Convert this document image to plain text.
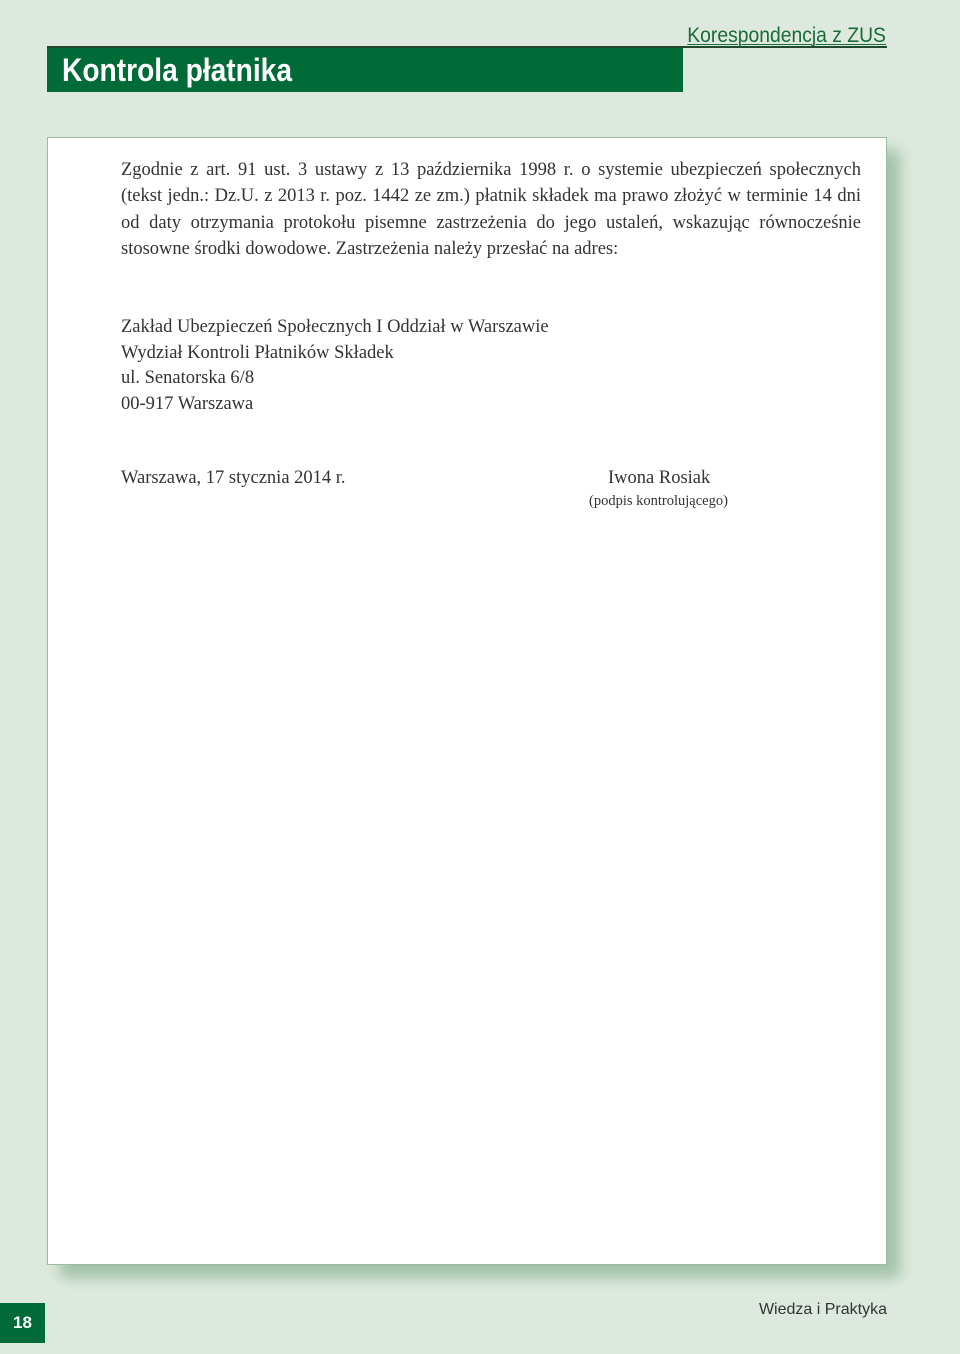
Korespondencja z ZUS
Kontrola płatnika

Zgodnie z art. 91 ust. 3 ustawy z 13 października 1998 r. o systemie ubezpieczeń społecznych (tekst jedn.: Dz.U. z 2013 r. poz. 1442 ze zm.) płatnik składek ma prawo złożyć w terminie 14 dni od daty otrzymania protokołu pisemne zastrzeżenia do jego ustaleń, wskazując równocześnie stosowne środki dowodowe. Zastrzeżenia należy przesłać na adres:

Zakład Ubezpieczeń Społecznych I Oddział w Warszawie
Wydział Kontroli Płatników Składek
ul. Senatorska 6/8
00-917 Warszawa
Warszawa, 17 stycznia 2014 r.	Iwona Rosiak
(podpis kontrolującego)
18
Wiedza i Praktyka
